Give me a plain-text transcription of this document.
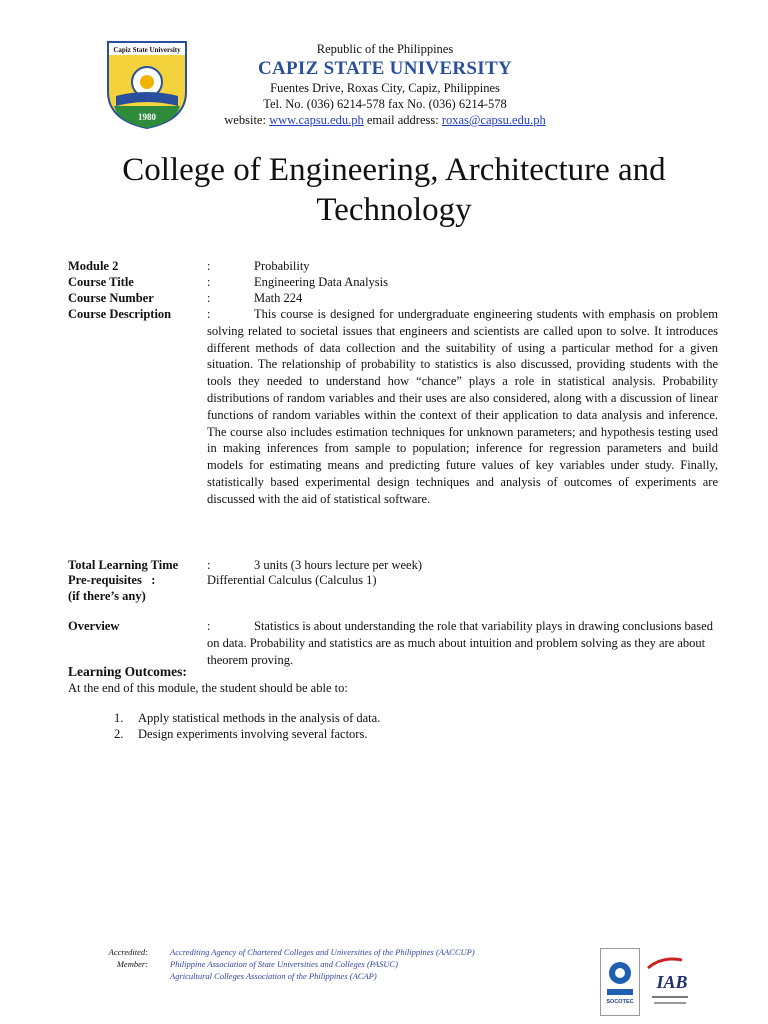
Capiz State University
1980
Republic of the Philippines
CAPIZ STATE UNIVERSITY
Fuentes Drive, Roxas City, Capiz, Philippines
Tel. No. (036) 6214-578 fax No. (036) 6214-578
website: www.capsu.edu.ph email address: roxas@capsu.edu.ph
College of Engineering, Architecture and Technology
Module 2	:	Probability
Course Title	:	Engineering Data Analysis
Course Number	:	Math 224
Course Description	:	This course is designed for undergraduate engineering students with emphasis on problem solving related to societal issues that engineers and scientists are called upon to solve. It introduces different methods of data collection and the suitability of using a particular method for a given situation. The relationship of probability to statistics is also discussed, providing students with the tools they needed to understand how “chance” plays a role in statistical analysis. Probability distributions of random variables and their uses are also considered, along with a discussion of linear functions of random variables within the context of their application to data analysis and inference. The course also includes estimation techniques for unknown parameters; and hypothesis testing used in making inferences from sample to population; inference for regression parameters and build models for estimating means and predicting future values of key variables under study. Finally, statistically based experimental design techniques and analysis of outcomes of experiments are discussed with the aid of statistical software.

Total Learning Time :	3 units (3 hours lecture per week)
Pre-requisites   :	Differential Calculus (Calculus 1)
(if there’s any)
Overview	:	Statistics is about understanding the role that variability plays in drawing conclusions based on data. Probability and statistics are as much about intuition and problem solving as they are about theorem proving.

Learning Outcomes:
At the end of this module, the student should be able to:
1. Apply statistical methods in the analysis of data.
2. Design experiments involving several factors.
Accredited:	Accrediting Agency of Chartered Colleges and Universities of the Philippines (AACCUP)
Member:	Philippine Association of State Universities and Colleges (PASUC)
Agricultural Colleges Association of the Philippines (ACAP)
SOCOTEC
IAB
